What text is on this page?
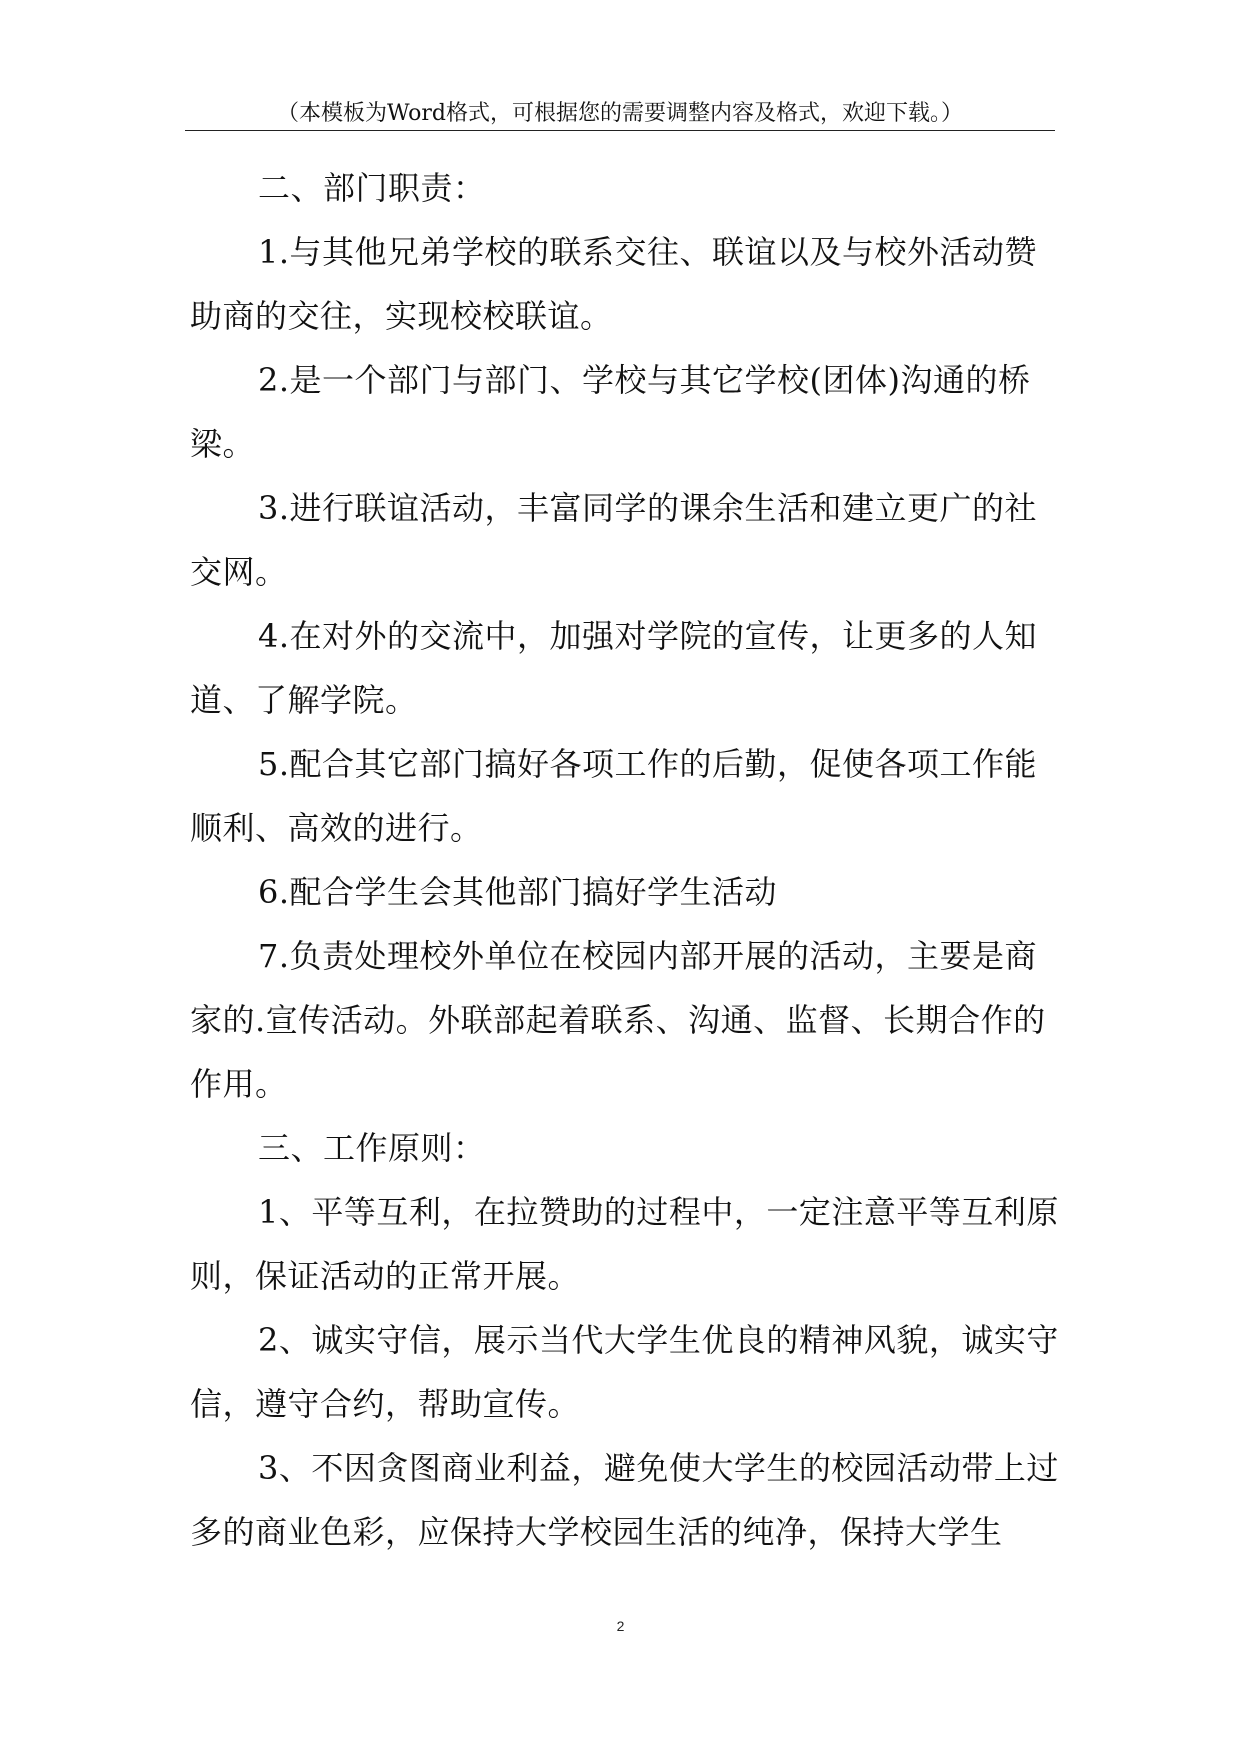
（本模板为Word格式，可根据您的需要调整内容及格式，欢迎下载。）

二、部门职责：

1.与其他兄弟学校的联系交往、联谊以及与校外活动赞助商的交往，实现校校联谊。

2.是一个部门与部门、学校与其它学校(团体)沟通的桥梁。

3.进行联谊活动，丰富同学的课余生活和建立更广的社交网。

4.在对外的交流中，加强对学院的宣传，让更多的人知道、了解学院。

5.配合其它部门搞好各项工作的后勤，促使各项工作能顺利、高效的进行。

6.配合学生会其他部门搞好学生活动

7.负责处理校外单位在校园内部开展的活动，主要是商家的.宣传活动。外联部起着联系、沟通、监督、长期合作的作用。

三、工作原则：

1、平等互利，在拉赞助的过程中，一定注意平等互利原则，保证活动的正常开展。

2、诚实守信，展示当代大学生优良的精神风貌，诚实守信，遵守合约，帮助宣传。

3、不因贪图商业利益，避免使大学生的校园活动带上过多的商业色彩，应保持大学校园生活的纯净，保持大学生

2
